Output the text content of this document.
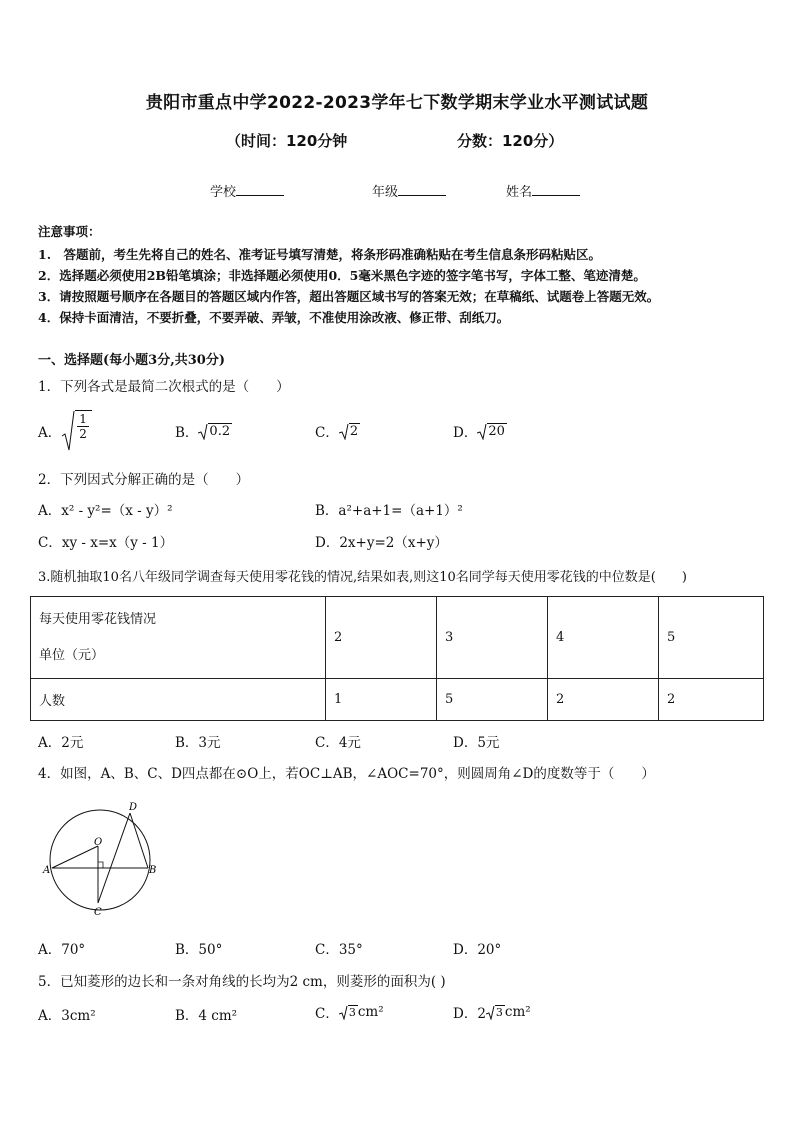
贵阳市重点中学2022-2023学年七下数学期末学业水平测试试题
（时间：120分钟	分数：120分）
学校	年级	姓名
注意事项：
1.　答题前，考生先将自己的姓名、准考证号填写清楚，将条形码准确粘贴在考生信息条形码粘贴区。
2．选择题必须使用2B铅笔填涂；非选择题必须使用0．5毫米黑色字迹的签字笔书写，字体工整、笔迹清楚。
3．请按照题号顺序在各题目的答题区域内作答，超出答题区域书写的答案无效；在草稿纸、试题卷上答题无效。
4．保持卡面清洁，不要折叠，不要弄破、弄皱，不准使用涂改液、修正带、刮纸刀。
一、选择题(每小题3分,共30分)
1．下列各式是最简二次根式的是（　　）
A． $\frac{1}{2}$	B． 0.2	C． 2	D． 20
2．下列因式分解正确的是（　　）
A．x² - y²=（x - y）²	B．a²+a+1=（a+1）²
C．xy - x=x（y - 1）	D．2x+y=2（x+y）
3.随机抽取10名八年级同学调查每天使用零花钱的情况,结果如表,则这10名同学每天使用零花钱的中位数是(　　)
每天使用零花钱情况
单位（元）	2	3	4	5
人数	1	5	2	2
A．2元	B．3元	C．4元	D．5元
4．如图，A、B、C、D四点都在⊙O上，若OC⊥AB，∠AOC=70°，则圆周角∠D的度数等于（　　）
O
A	B
C
D
A．70°	B．50°	C．35°	D．20°
5．已知菱形的边长和一条对角线的长均为2 cm，则菱形的面积为( )
A．3cm²	B．4 cm²	C． 3 cm²	D．2 3 cm²
